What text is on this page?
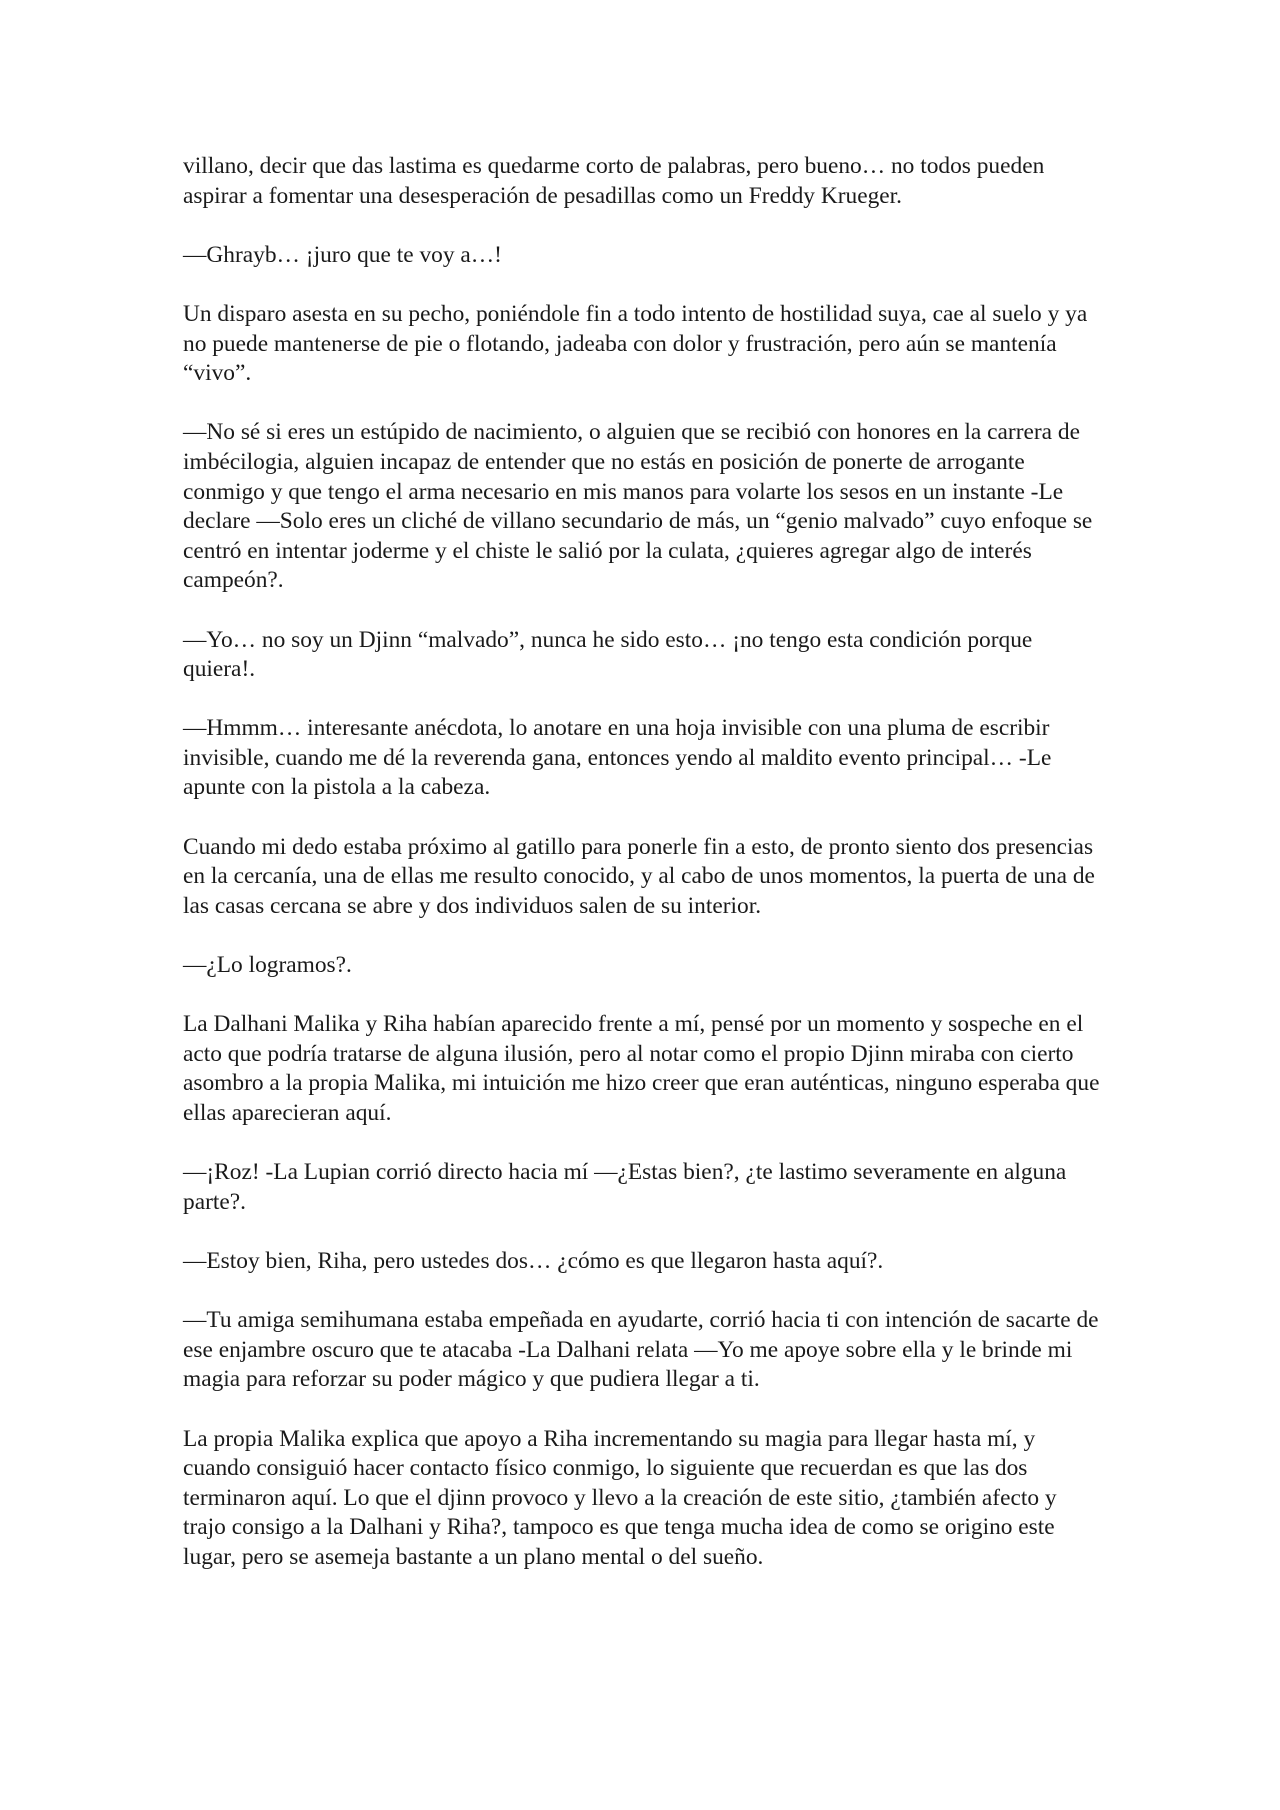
villano, decir que das lastima es quedarme corto de palabras, pero bueno… no todos pueden aspirar a fomentar una desesperación de pesadillas como un Freddy Krueger.

—Ghrayb… ¡juro que te voy a…!

Un disparo asesta en su pecho, poniéndole fin a todo intento de hostilidad suya, cae al suelo y ya no puede mantenerse de pie o flotando, jadeaba con dolor y frustración, pero aún se mantenía “vivo”.

—No sé si eres un estúpido de nacimiento, o alguien que se recibió con honores en la carrera de imbécilogia, alguien incapaz de entender que no estás en posición de ponerte de arrogante conmigo y que tengo el arma necesario en mis manos para volarte los sesos en un instante -Le declare —Solo eres un cliché de villano secundario de más, un “genio malvado” cuyo enfoque se centró en intentar joderme y el chiste le salió por la culata, ¿quieres agregar algo de interés campeón?.

—Yo… no soy un Djinn “malvado”, nunca he sido esto… ¡no tengo esta condición porque quiera!.

—Hmmm… interesante anécdota, lo anotare en una hoja invisible con una pluma de escribir invisible, cuando me dé la reverenda gana, entonces yendo al maldito evento principal… -Le apunte con la pistola a la cabeza.

Cuando mi dedo estaba próximo al gatillo para ponerle fin a esto, de pronto siento dos presencias en la cercanía, una de ellas me resulto conocido, y al cabo de unos momentos, la puerta de una de las casas cercana se abre y dos individuos salen de su interior.

—¿Lo logramos?.

La Dalhani Malika y Riha habían aparecido frente a mí, pensé por un momento y sospeche en el acto que podría tratarse de alguna ilusión, pero al notar como el propio Djinn miraba con cierto asombro a la propia Malika, mi intuición me hizo creer que eran auténticas, ninguno esperaba que ellas aparecieran aquí.

—¡Roz! -La Lupian corrió directo hacia mí —¿Estas bien?, ¿te lastimo severamente en alguna parte?.

—Estoy bien, Riha, pero ustedes dos… ¿cómo es que llegaron hasta aquí?.

—Tu amiga semihumana estaba empeñada en ayudarte, corrió hacia ti con intención de sacarte de ese enjambre oscuro que te atacaba -La Dalhani relata —Yo me apoye sobre ella y le brinde mi magia para reforzar su poder mágico y que pudiera llegar a ti.

La propia Malika explica que apoyo a Riha incrementando su magia para llegar hasta mí, y cuando consiguió hacer contacto físico conmigo, lo siguiente que recuerdan es que las dos terminaron aquí. Lo que el djinn provoco y llevo a la creación de este sitio, ¿también afecto y trajo consigo a la Dalhani y Riha?, tampoco es que tenga mucha idea de como se origino este lugar, pero se asemeja bastante a un plano mental o del sueño.
